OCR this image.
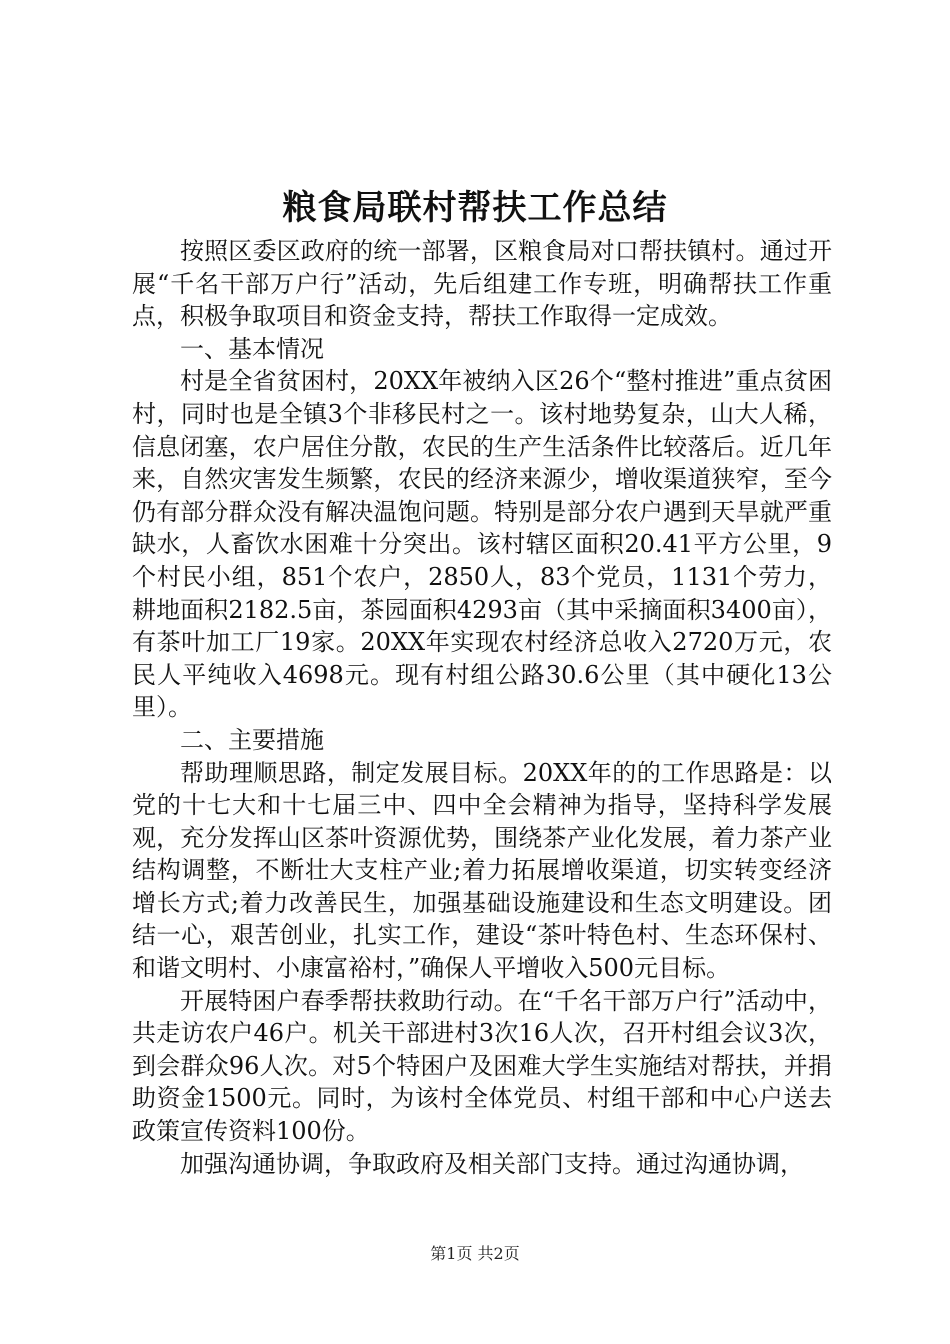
粮食局联村帮扶工作总结

按照区委区政府的统一部署，区粮食局对口帮扶镇村。通过开展“千名干部万户行”活动，先后组建工作专班，明确帮扶工作重点，积极争取项目和资金支持，帮扶工作取得一定成效。

一、基本情况

村是全省贫困村，20XX年被纳入区26个“整村推进”重点贫困村，同时也是全镇3个非移民村之一。该村地势复杂，山大人稀，信息闭塞，农户居住分散，农民的生产生活条件比较落后。近几年来，自然灾害发生频繁，农民的经济来源少，增收渠道狭窄，至今仍有部分群众没有解决温饱问题。特别是部分农户遇到天旱就严重缺水，人畜饮水困难十分突出。该村辖区面积20.41平方公里，9个村民小组，851个农户，2850人，83个党员，1131个劳力，耕地面积2182.5亩，茶园面积4293亩（其中采摘面积3400亩），有茶叶加工厂19家。20XX年实现农村经济总收入2720万元，农民人平纯收入4698元。现有村组公路30.6公里（其中硬化13公里）。

二、主要措施

帮助理顺思路，制定发展目标。20XX年的的工作思路是：以党的十七大和十七届三中、四中全会精神为指导，坚持科学发展观，充分发挥山区茶叶资源优势，围绕茶产业化发展，着力茶产业结构调整，不断壮大支柱产业;着力拓展增收渠道，切实转变经济增长方式;着力改善民生，加强基础设施建设和生态文明建设。团结一心，艰苦创业，扎实工作，建设“茶叶特色村、生态环保村、和谐文明村、小康富裕村，”确保人平增收入500元目标。

开展特困户春季帮扶救助行动。在“千名干部万户行”活动中，共走访农户46户。机关干部进村3次16人次，召开村组会议3次，到会群众96人次。对5个特困户及困难大学生实施结对帮扶，并捐助资金1500元。同时，为该村全体党员、村组干部和中心户送去政策宣传资料100份。

加强沟通协调，争取政府及相关部门支持。通过沟通协调，

第1页 共2页
